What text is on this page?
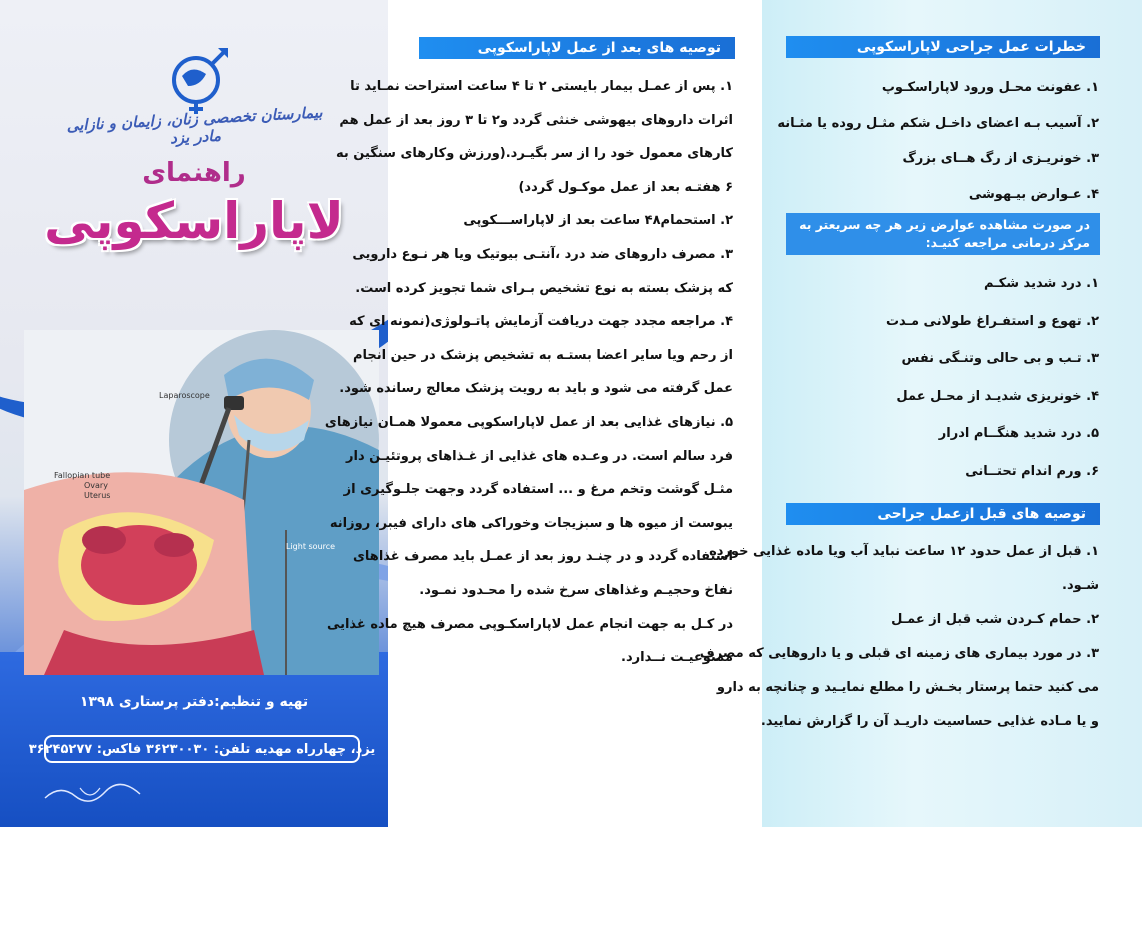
بیمارستان تخصصی زنان، زایمان و نازایی مادر یزد
راهنمای
لاپاراسکوپی
Laparoscope
Fallopian tube
Ovary
Uterus
Light source
تهیه و تنظیم:دفتر پرستاری ۱۳۹۸
یزد، چهارراه مهدیه تلفن: ۳۶۲۳۰۰۳۰ فاکس: ۳۶۲۴۵۲۷۷
توصیه های بعد از عمل لاپاراسکوپی

۱. پس از عمـل بیمار بایستی ۲ تا ۴ ساعت استراحت نمـاید تا

اثرات داروهای بیهوشی خنثی گردد و۲ تا ۳ روز بعد از عمل هم

کارهای معمول خود را از سر بگیـرد.(ورزش وکارهای سنگین به

۶ هفتـه بعد از عمل موکـول گردد)

۲. استحمام۴۸ ساعت بعد از لاپاراســـکوپی

۳. مصرف داروهای ضد درد ،آنتـی بیوتیک ویا هر نـوع دارویی

که پزشک بسته به نوع تشخیص بـرای شما تجویز کرده است.

۴. مراجعه مجدد جهت دریافت آزمایش پاتـولوژی(نمونه ای که

از رحم ویا سایر اعضا بستـه به تشخیص پزشک در حین انجام

عمل گرفته می شود و باید به رویت پزشک معالج رسانده شود.

۵. نیازهای غذایی بعد از عمل لاپاراسکوپی معمولا همـان نیازهای

فرد سالم است. در وعـده های غذایی از غـذاهای پروتئیـن دار

مثـل گوشت وتخم مرغ و ... استفاده گردد وجهت جلـوگیری از

یبوست از میوه ها و سبزیجات وخوراکی های دارای فیبر، روزانه

استفاده گردد و در چنـد روز بعد از عمـل باید مصرف غذاهای

نفاخ وحجیـم وغذاهای سرخ شده را محـدود نمـود.

در کـل به جهت انجام عمل لاپاراسکـوپی مصرف هیچ ماده غذایی

ممنوعیـت نــدارد.

خطرات عمل جراحی لاپاراسکوپی

۱. عفونت محـل ورود لاپاراسکـوپ

۲. آسیب بـه اعضای داخـل شکم مثـل روده یا مثـانه

۳. خونریـزی از رگ هــای بزرگ

۴. عـوارض بیـهوشی

در صورت مشاهده عوارض زیر هر چه سریعتر به مرکز درمانی مراجعه کنیـد:

۱. درد شدید شکـم

۲. تهوع و استفـراغ طولانی مـدت

۳. تـب و بی حالی وتنـگی نفس

۴. خونریزی شدیـد از محـل عمل

۵. درد شدید هنگــام ادرار

۶. ورم اندام تحتــانی

توصیه های قبل ازعمل جراحی

۱. قبل از عمل حدود ۱۲ ساعت نباید آب ویا ماده غذایی خورده

شـود.

۲. حمام کـردن شب قبل از عمـل

۳. در مورد بیماری های زمینه ای قبلی و یا داروهایی که مصرف

می کنید حتما پرستار بخـش را مطلع نمایـید و چنانچه به دارو

و یا مـاده غذایی حساسیت داریـد آن را گزارش نمایید.
